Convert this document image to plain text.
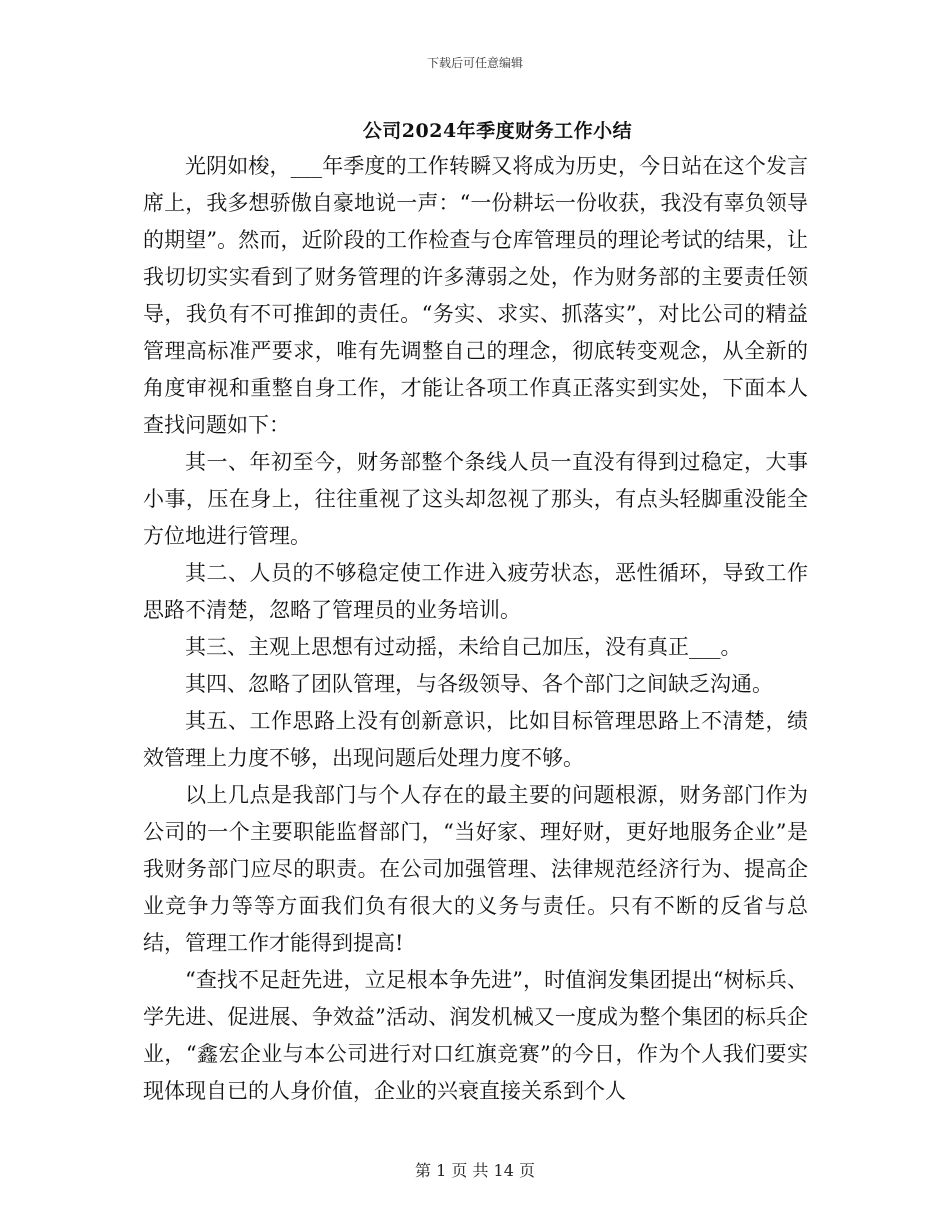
下载后可任意编辑
公司2024年季度财务工作小结

光阴如梭，___年季度的工作转瞬又将成为历史，今日站在这个发言席上，我多想骄傲自豪地说一声：“一份耕坛一份收获，我没有辜负领导的期望”。然而，近阶段的工作检查与仓库管理员的理论考试的结果，让我切切实实看到了财务管理的许多薄弱之处，作为财务部的主要责任领导，我负有不可推卸的责任。“务实、求实、抓落实”，对比公司的精益管理高标准严要求，唯有先调整自己的理念，彻底转变观念，从全新的角度审视和重整自身工作，才能让各项工作真正落实到实处，下面本人查找问题如下：

其一、年初至今，财务部整个条线人员一直没有得到过稳定，大事小事，压在身上，往往重视了这头却忽视了那头，有点头轻脚重没能全方位地进行管理。

其二、人员的不够稳定使工作进入疲劳状态，恶性循环，导致工作思路不清楚，忽略了管理员的业务培训。

其三、主观上思想有过动摇，未给自己加压，没有真正___。

其四、忽略了团队管理，与各级领导、各个部门之间缺乏沟通。

其五、工作思路上没有创新意识，比如目标管理思路上不清楚，绩效管理上力度不够，出现问题后处理力度不够。

以上几点是我部门与个人存在的最主要的问题根源，财务部门作为公司的一个主要职能监督部门，“当好家、理好财，更好地服务企业”是我财务部门应尽的职责。在公司加强管理、法律规范经济行为、提高企业竞争力等等方面我们负有很大的义务与责任。只有不断的反省与总结，管理工作才能得到提高!

“查找不足赶先进，立足根本争先进”，时值润发集团提出“树标兵、学先进、促进展、争效益”活动、润发机械又一度成为整个集团的标兵企业，“鑫宏企业与本公司进行对口红旗竞赛”的今日，作为个人我们要实现体现自已的人身价值，企业的兴衰直接关系到个人

第 1 页 共 14 页
